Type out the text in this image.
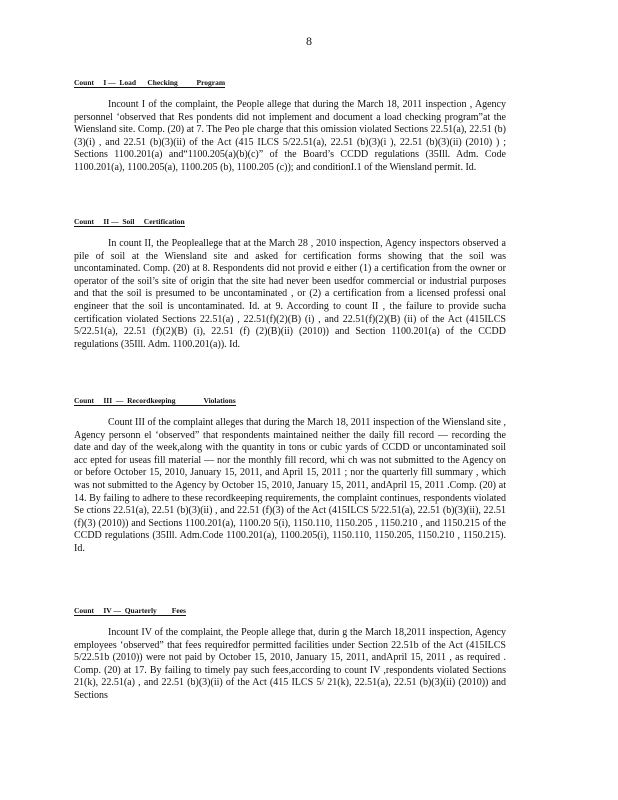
8
Count     I —  Load      Checking          Program

Incount I of the complaint, the People allege that during the March 18, 2011 inspection , Agency personnel ‘observed that Res pondents did not implement and document a load checking program”at the Wiensland site. Comp. (20) at 7. The Peo ple charge that this omission violated Sections 22.51(a), 22.51 (b)(3)(i) , and 22.51 (b)(3)(ii) of the Act (415 ILCS 5/22.51(a), 22.51 (b)(3)(i ), 22.51 (b)(3)(ii) (2010) ) ; Sections 1100.201(a) and“1100.205(a)(b)(c)” of the Board’s CCDD regulations (35Ill. Adm. Code 1100.201(a), 1100.205(a), 1100.205 (b), 1100.205 (c)); and conditionI.1 of the Wiensland permit. Id.

Count     II —  Soil     Certification

In count II, the Peopleallege that at the March 28 , 2010 inspection, Agency inspectors observed a pile of soil at the Wiensland site and asked for certification forms showing that the soil was uncontaminated. Comp. (20) at 8. Respondents did not provid e either (1) a certification from the owner or operator of the soil’s site of origin that the site had never been usedfor commercial or industrial purposes and that the soil is presumed to be uncontaminated , or (2) a certification from a licensed professi onal engineer that the soil is uncontaminated. Id. at 9. According to count II , the failure to provide sucha certification violated Sections 22.51(a) , 22.51(f)(2)(B) (i) , and 22.51(f)(2)(B) (ii) of the Act (415ILCS 5/22.51(a), 22.51 (f)(2)(B) (i), 22.51 (f) (2)(B)(ii) (2010)) and Section 1100.201(a) of the CCDD regulations (35Ill. Adm. 1100.201(a)). Id.

Count     III  —  Recordkeeping               Violations

Count III of the complaint alleges that during the March 18, 2011 inspection of the Wiensland site , Agency personn el ‘observed” that respondents maintained neither the daily fill record — recording the date and day of the week,along with the quantity in tons or cubic yards of CCDD or uncontaminated soil acc epted for useas fill material — nor the monthly fill record, whi ch was not submitted to the Agency on or before October 15, 2010, January 15, 2011, and April 15, 2011 ; nor the quarterly fill summary , which was not submitted to the Agency by October 15, 2010, January 15, 2011, andApril 15, 2011 .Comp. (20) at 14. By failing to adhere to these recordkeeping requirements, the complaint continues, respondents violated Se ctions 22.51(a), 22.51 (b)(3)(ii) , and 22.51 (f)(3) of the Act (415ILCS 5/22.51(a), 22.51 (b)(3)(ii), 22.51 (f)(3) (2010)) and Sections 1100.201(a), 1100.20 5(i), 1150.110, 1150.205 , 1150.210 , and 1150.215 of the CCDD regulations (35Ill. Adm.Code 1100.201(a), 1100.205(i), 1150.110, 1150.205, 1150.210 , 1150.215). Id.

Count     IV —  Quarterly        Fees

Incount IV of the complaint, the People allege that, durin g the March 18,2011 inspection, Agency employees ‘observed” that fees requiredfor permitted facilities under Section 22.51b of the Act (415ILCS 5/22.51b (2010)) were not paid by October 15, 2010, January 15, 2011, andApril 15, 2011 , as required . Comp. (20) at 17. By failing to timely pay such fees,according to count IV ,respondents violated Sections 21(k), 22.51(a) , and 22.51 (b)(3)(ii) of the Act (415 ILCS 5/ 21(k), 22.51(a), 22.51 (b)(3)(ii) (2010)) and Sections
